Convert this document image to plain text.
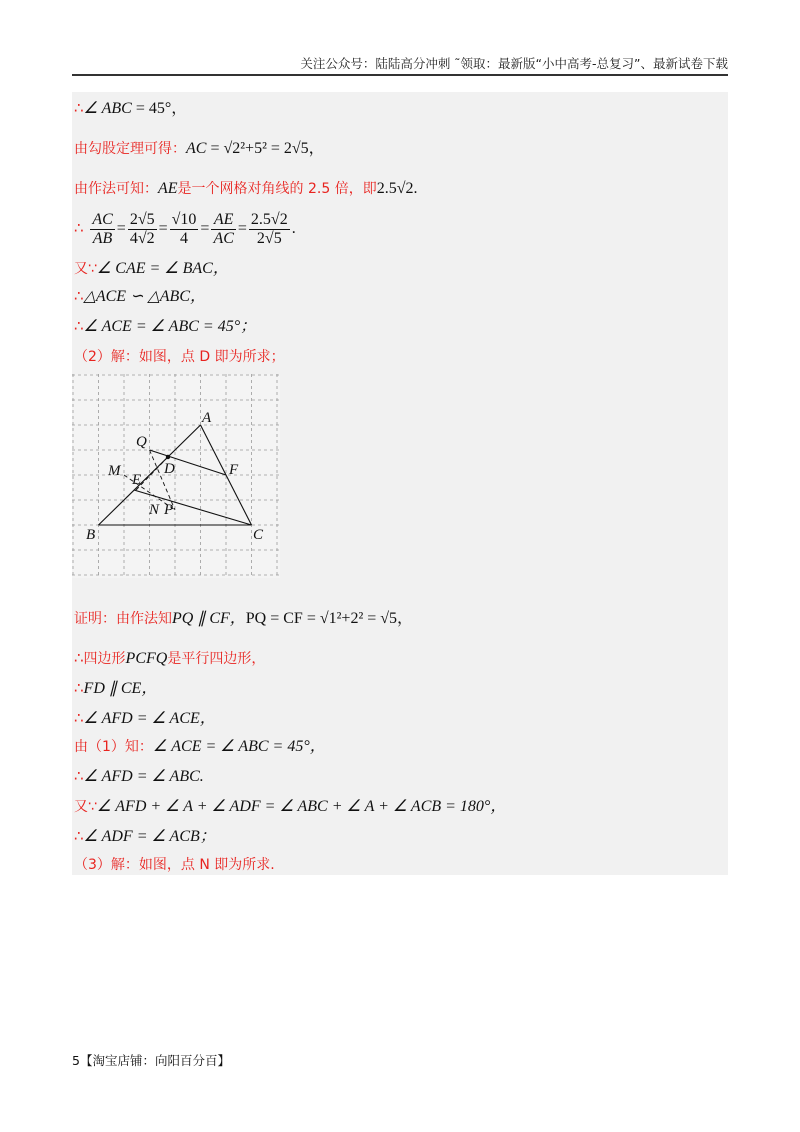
关注公众号：陆陆高分冲刺 ˜领取：最新版“小中高考-总复习”、最新试卷下载
∴∠ ABC = 45°，
由勾股定理可得：AC = √2²+5² = 2√5，
由作法可知：AE是一个网格对角线的 2.5 倍，即2.5√2.
∴ $\frac{AC}{AB} = \frac{2√5}{4√2} = \frac{√10}{4} = \frac{AE}{AC} = \frac{2.5√2}{2√5}$ .
又∵∠ CAE = ∠ BAC，
∴△ACE ∽ △ABC，
∴∠ ACE = ∠ ABC = 45°；
（2）解：如图，点 D 即为所求；
A
B	C
D
E
F
M
N P
Q
证明：由作法知PQ ∥ CF，PQ = CF = √1²+2² = √5，
∴四边形PCFQ是平行四边形，
∴FD ∥ CE，
∴∠ AFD = ∠ ACE，
由（1）知：∠ ACE = ∠ ABC = 45°，
∴∠ AFD = ∠ ABC.
又∵∠ AFD + ∠ A + ∠ ADF = ∠ ABC + ∠ A + ∠ ACB = 180°，
∴∠ ADF = ∠ ACB；
（3）解：如图，点 N 即为所求.
5【淘宝店铺：向阳百分百】
